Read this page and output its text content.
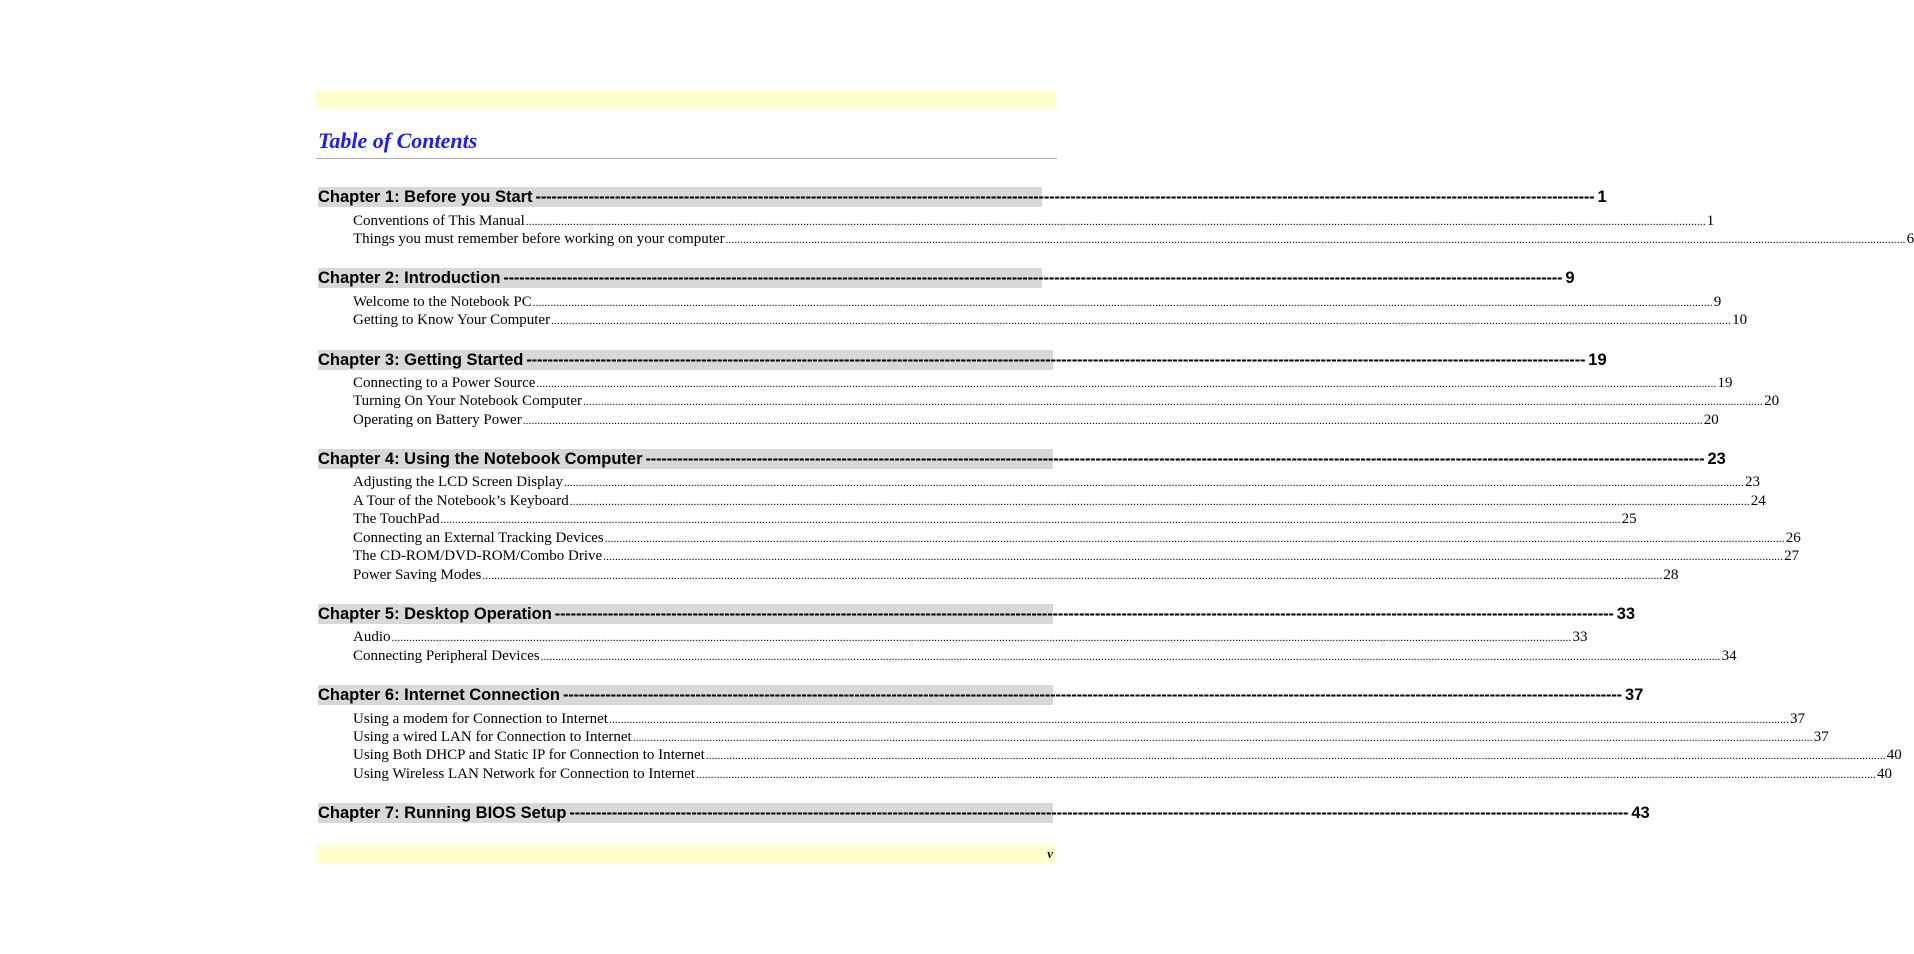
Table of Contents
Chapter 1: Before you Start -------------------------------------------------------------------------------------------------------------------------------------------------------------------------------------------------------- 1
Conventions of This Manual ................................................................................................................................................................................................................................................................................................................................................................................................................ 1
Things you must remember before working on your computer ................................................................................................................................................................................................................................................................................................................................................................................................................ 6
Chapter 2: Introduction -------------------------------------------------------------------------------------------------------------------------------------------------------------------------------------------------------- 9
Welcome to the Notebook PC ................................................................................................................................................................................................................................................................................................................................................................................................................ 9
Getting to Know Your Computer ................................................................................................................................................................................................................................................................................................................................................................................................................ 10
Chapter 3: Getting Started -------------------------------------------------------------------------------------------------------------------------------------------------------------------------------------------------------- 19
Connecting to a Power Source ................................................................................................................................................................................................................................................................................................................................................................................................................ 19
Turning On Your Notebook Computer ................................................................................................................................................................................................................................................................................................................................................................................................................ 20
Operating on Battery Power ................................................................................................................................................................................................................................................................................................................................................................................................................ 20
Chapter 4: Using the Notebook Computer -------------------------------------------------------------------------------------------------------------------------------------------------------------------------------------------------------- 23
Adjusting the LCD Screen Display ................................................................................................................................................................................................................................................................................................................................................................................................................ 23
A Tour of the Notebook’s Keyboard ................................................................................................................................................................................................................................................................................................................................................................................................................ 24
The TouchPad ................................................................................................................................................................................................................................................................................................................................................................................................................ 25
Connecting an External Tracking Devices ................................................................................................................................................................................................................................................................................................................................................................................................................ 26
The CD-ROM/DVD-ROM/Combo Drive ................................................................................................................................................................................................................................................................................................................................................................................................................ 27
Power Saving Modes ................................................................................................................................................................................................................................................................................................................................................................................................................ 28
Chapter 5: Desktop Operation -------------------------------------------------------------------------------------------------------------------------------------------------------------------------------------------------------- 33
Audio ................................................................................................................................................................................................................................................................................................................................................................................................................ 33
Connecting Peripheral Devices ................................................................................................................................................................................................................................................................................................................................................................................................................ 34
Chapter 6: Internet Connection -------------------------------------------------------------------------------------------------------------------------------------------------------------------------------------------------------- 37
Using a modem for Connection to Internet ................................................................................................................................................................................................................................................................................................................................................................................................................ 37
Using a wired LAN for Connection to Internet ................................................................................................................................................................................................................................................................................................................................................................................................................ 37
Using Both DHCP and Static IP for Connection to Internet ................................................................................................................................................................................................................................................................................................................................................................................................................ 40
Using Wireless LAN Network for Connection to Internet ................................................................................................................................................................................................................................................................................................................................................................................................................ 40
Chapter 7: Running BIOS Setup -------------------------------------------------------------------------------------------------------------------------------------------------------------------------------------------------------- 43
v
